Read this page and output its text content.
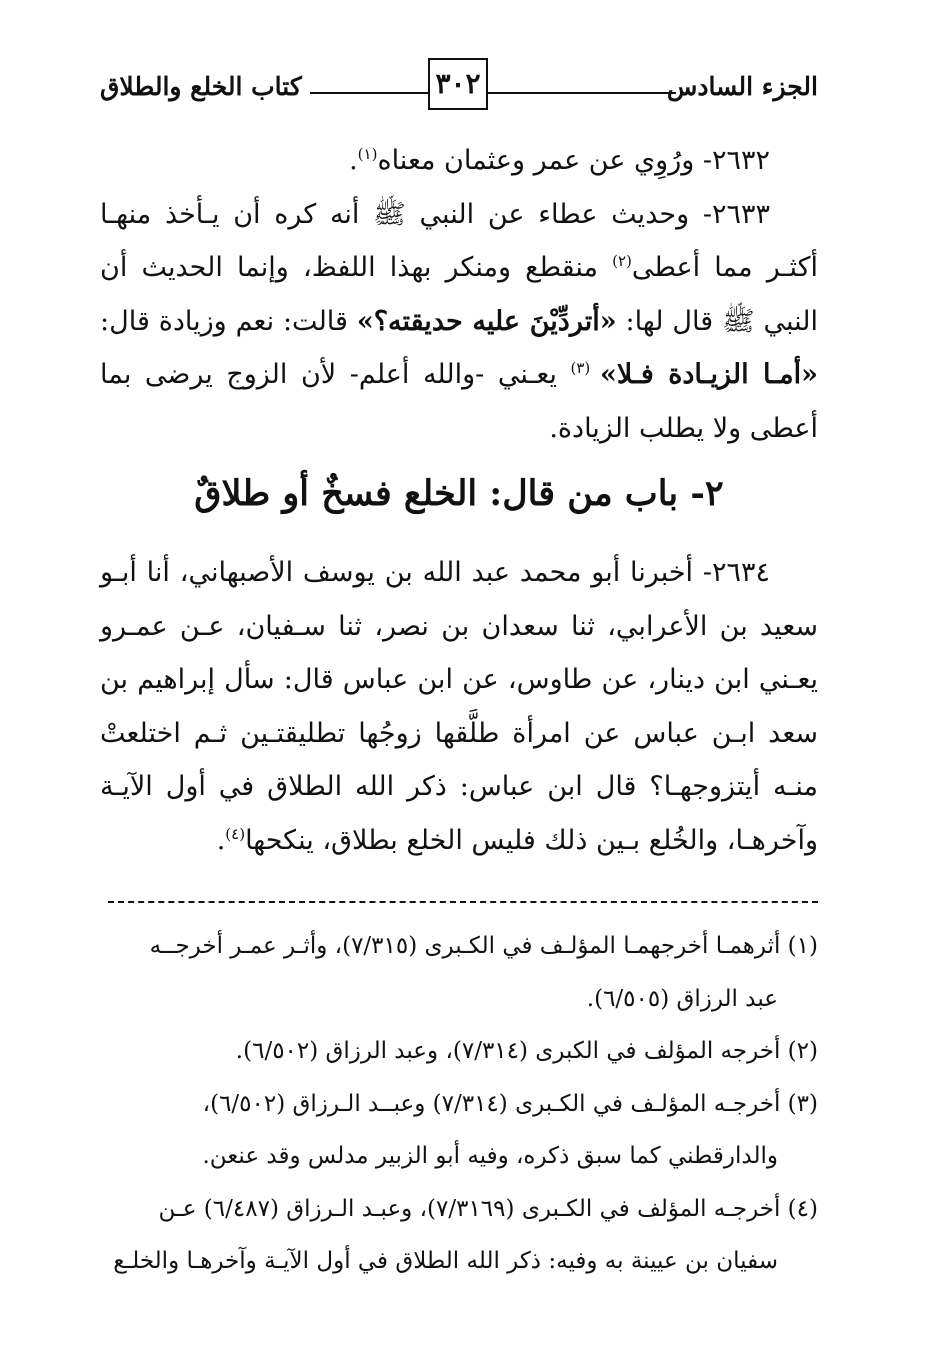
الجزء السادس
٣٠٢
كتاب الخلع والطلاق

٢٦٣٢- ورُوِي عن عمر وعثمان معناه$^{(١)}$.

٢٦٣٣- وحديث عطاء عن النبي ﷺ أنه كره أن يـأخذ منهـا أكثـر مما أعطى$^{(٢)}$ منقطع ومنكر بهذا اللفظ، وإنما الحديث أن النبي ﷺ قال لها: «أتردِّيْنَ عليه حديقته؟» قالت: نعم وزيادة قال: «أمـا الزيـادة فـلا» $^{(٣)}$ يعـني -والله أعلم- لأن الزوج يرضى بما أعطى ولا يطلب الزيادة.

٢- باب من قال: الخلع فسخٌ أو طلاقٌ

٢٦٣٤- أخبرنا أبو محمد عبد الله بن يوسف الأصبهاني، أنا أبـو سعيد بن الأعرابي، ثنا سعدان بن نصر، ثنا سـفيان، عـن عمـرو يعـني ابن دينار، عن طاوس، عن ابن عباس قال: سأل إبراهيم بن سعد ابـن عباس عن امرأة طلَّقها زوجُها تطليقتـين ثـم اختلعتْ منـه أيتزوجهـا؟ قال ابن عباس: ذكر الله الطلاق في أول الآيـة وآخرهـا، والخُلع بـين ذلك فليس الخلع بطلاق، ينكحها$^{(٤)}$.

(١) أثرهمـا أخرجهمـا المؤلـف في الكـبرى (٧/٣١٥)، وأثـر عمـر أخرجــه
عبد الرزاق (٦/٥٠٥).
(٢) أخرجه المؤلف في الكبرى (٧/٣١٤)، وعبد الرزاق (٦/٥٠٢).
(٣) أخرجـه المؤلـف في الكـبرى (٧/٣١٤) وعبــد الـرزاق (٦/٥٠٢)،
والدارقطني كما سبق ذكره، وفيه أبو الزبير مدلس وقد عنعن.
(٤) أخرجـه المؤلف في الكـبرى (٧/٣١٦٩)، وعبـد الـرزاق (٦/٤٨٧) عـن
سفيان بن عيينة به وفيه: ذكر الله الطلاق في أول الآيـة وآخرهـا والخلـع
